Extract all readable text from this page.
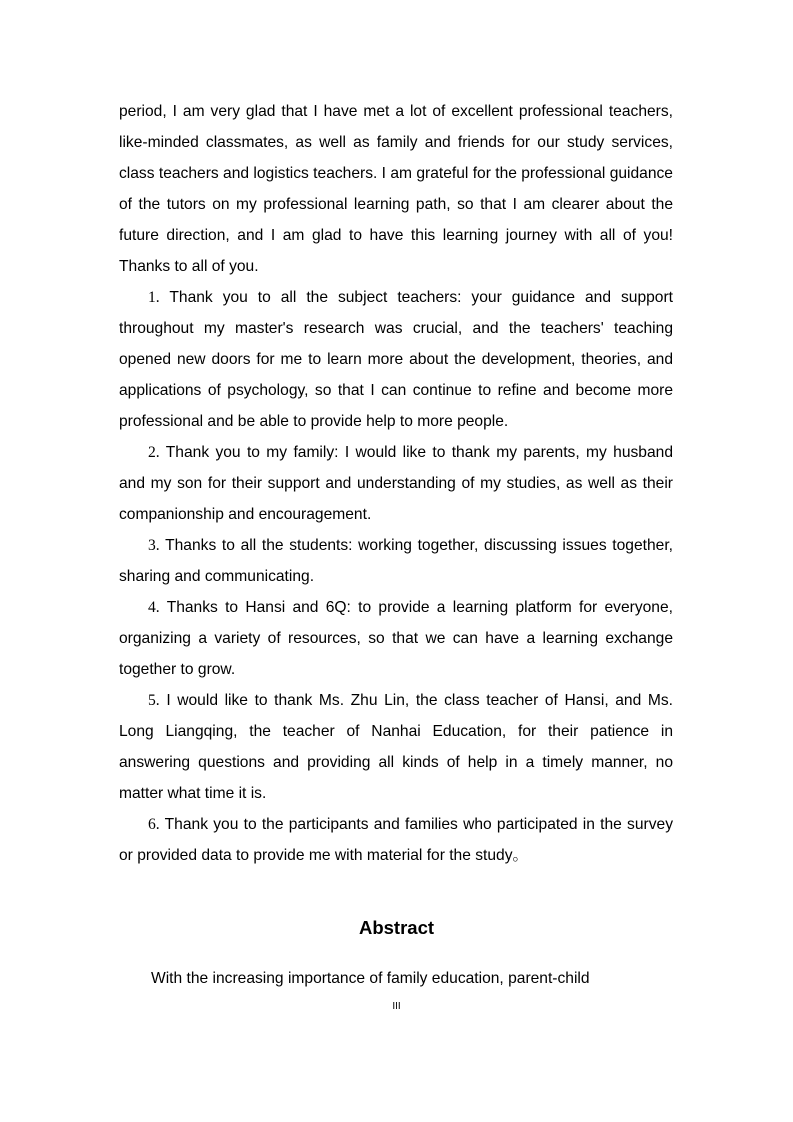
period, I am very glad that I have met a lot of excellent professional teachers, like-minded classmates, as well as family and friends for our study services, class teachers and logistics teachers. I am grateful for the professional guidance of the tutors on my professional learning path, so that I am clearer about the future direction, and I am glad to have this learning journey with all of you! Thanks to all of you.

1. Thank you to all the subject teachers: your guidance and support throughout my master's research was crucial, and the teachers' teaching opened new doors for me to learn more about the development, theories, and applications of psychology, so that I can continue to refine and become more professional and be able to provide help to more people.

2. Thank you to my family: I would like to thank my parents, my husband and my son for their support and understanding of my studies, as well as their companionship and encouragement.

3. Thanks to all the students: working together, discussing issues together, sharing and communicating.

4. Thanks to Hansi and 6Q: to provide a learning platform for everyone, organizing a variety of resources, so that we can have a learning exchange together to grow.

5. I would like to thank Ms. Zhu Lin, the class teacher of Hansi, and Ms. Long Liangqing, the teacher of Nanhai Education, for their patience in answering questions and providing all kinds of help in a timely manner, no matter what time it is.

6. Thank you to the participants and families who participated in the survey or provided data to provide me with material for the study。

Abstract

With the increasing importance of family education, parent-child

III
